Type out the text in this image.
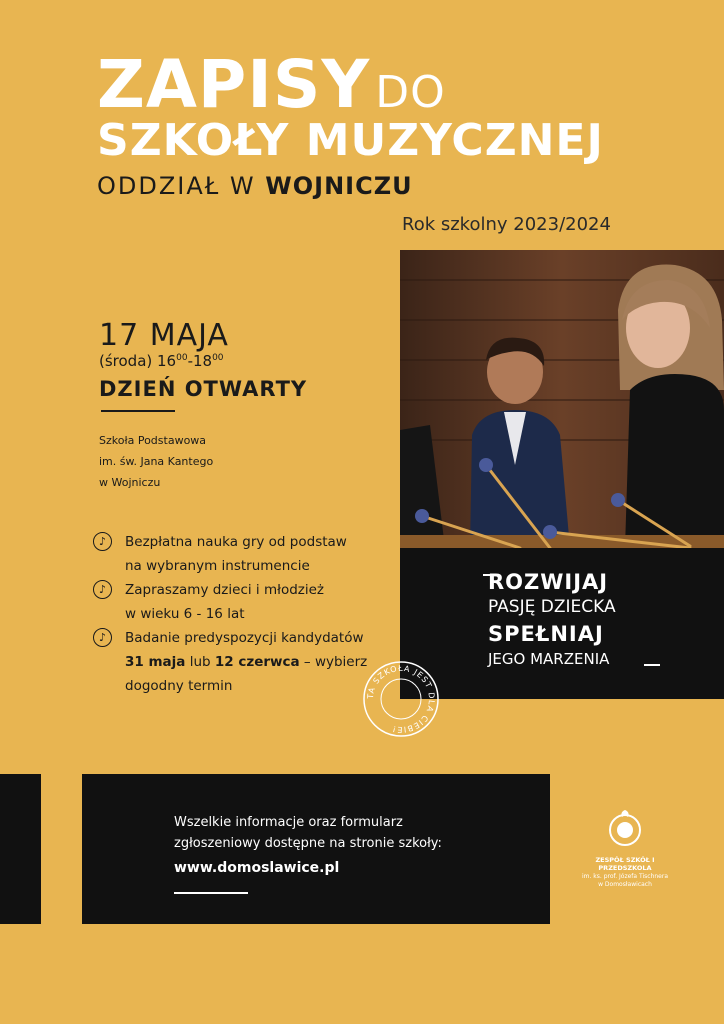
ZAPISY DO
SZKOŁY MUZYCZNEJ
ODDZIAŁ W WOJNICZU
Rok szkolny 2023/2024
ROZWIJAJ
PASJĘ DZIECKA
SPEŁNIAJ
JEGO MARZENIA
17 MAJA
(środa) $16^{00}-18^{00}$
DZIEŃ OTWARTY
Szkoła Podstawowa
im. św. Jana Kantego
w Wojniczu
♪	Bezpłatna nauka gry od podstaw
na wybranym instrumencie
♪	Zapraszamy dzieci i młodzież
w wieku 6 - 16 lat
♪	Badanie predyspozycji kandydatów
31 maja lub 12 czerwca – wybierz
dogodny termin
TA SZKOŁA JEST DLA CIEBIE!
Wszelkie informacje oraz formularz
zgłoszeniowy dostępne na stronie szkoły:
www.domoslawice.pl	ZESPÓŁ SZKÓŁ I PRZEDSZKOLA
im. ks. prof. Józefa Tischnera
w Domosławicach
